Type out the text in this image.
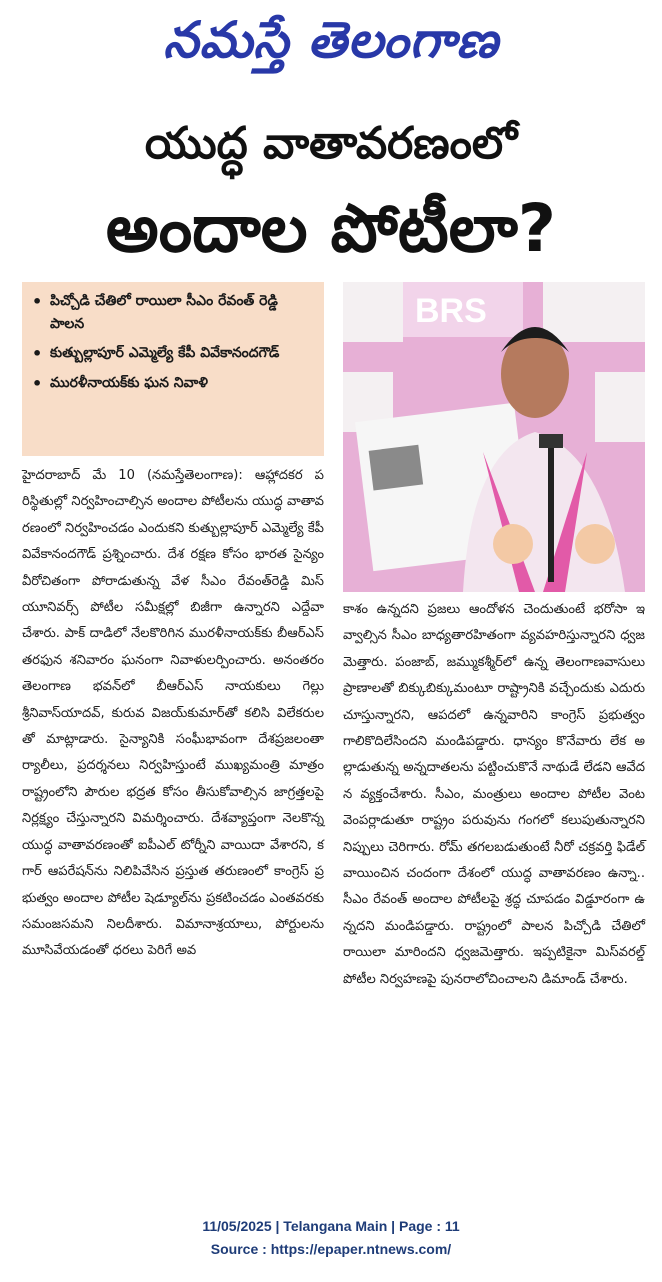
నమస్తే తెలంగాణ
యుద్ధ వాతావరణంలో
అందాల పోటీలా?
• పిచ్చోడి చేతిలో రాయిలా సీఎం రేవంత్ రెడ్డి పాలన
• కుత్బుల్లాపూర్ ఎమ్మెల్యే కేపీ వివేకానందగౌడ్
• మురళీనాయక్‌కు ఘన నివాళి
BRS

హైదరాబాద్ మే 10 (నమస్తేతెలంగాణ): ఆహ్లాదకర పరిస్థితుల్లో నిర్వహించాల్సిన అందాల పోటీలను యుద్ధ వాతావరణంలో నిర్వహించడం ఎందుకని కుత్బుల్లాపూర్ ఎమ్మెల్యే కేపీ వివేకానందగౌడ్ ప్రశ్నించారు. దేశ రక్షణ కోసం భారత సైన్యం వీరోచితంగా పోరాడుతున్న వేళ సీఎం రేవంత్‌రెడ్డి మిస్ యూనివర్స్ పోటీల సమీక్షల్లో బిజీగా ఉన్నారని ఎద్దేవా చేశారు. పాక్ దాడిలో నేలకొరిగిన మురళీనాయక్‌కు బీఆర్‌ఎస్ తరఫున శనివారం ఘనంగా నివాళులర్పించారు. అనంతరం తెలంగాణ భవన్‌లో బీఆర్‌ఎస్ నాయకులు గెల్లు శ్రీనివాస్‌యాదవ్, కురువ విజయ్‌కుమార్‌తో కలిసి విలేకరులతో మాట్లాడారు. సైన్యానికి సంఘీభావంగా దేశప్రజలంతా ర్యాలీలు, ప్రదర్శనలు నిర్వహిస్తుంటే ముఖ్యమంత్రి మాత్రం రాష్ట్రంలోని పౌరుల భద్రత కోసం తీసుకోవాల్సిన జాగ్రత్తలపై నిర్లక్ష్యం చేస్తున్నారని విమర్శించారు. దేశవ్యాప్తంగా నెలకొన్న యుద్ధ వాతావరణంతో ఐపీఎల్ టోర్నీని వాయిదా వేశారని, కగార్ ఆపరేషన్‌ను నిలిపివేసిన ప్రస్తుత తరుణంలో కాంగ్రెస్ ప్రభుత్వం అందాల పోటీల షెడ్యూల్‌ను ప్రకటించడం ఎంతవరకు సమంజసమని నిలదీశారు. విమానాశ్రయాలు, పోర్టులను మూసివేయడంతో ధరలు పెరిగే అవ

కాశం ఉన్నదని ప్రజలు ఆందోళన చెందుతుంటే భరోసా ఇవ్వాల్సిన సీఎం బాధ్యతారహితంగా వ్యవహరిస్తున్నారని ధ్వజమెత్తారు. పంజాబ్, జమ్ముకశ్మీర్‌లో ఉన్న తెలంగాణవాసులు ప్రాణాలతో బిక్కుబిక్కుమంటూ రాష్ట్రానికి వచ్చేందుకు ఎదురు చూస్తున్నారని, ఆపదలో ఉన్నవారిని కాంగ్రెస్ ప్రభుత్వం గాలికొదిలేసిందని మండిపడ్డారు. ధాన్యం కొనేవారు లేక అల్లాడుతున్న అన్నదాతలను పట్టించుకొనే నాథుడే లేడని ఆవేదన వ్యక్తంచేశారు. సీఎం, మంత్రులు అందాల పోటీల వెంట వెంపర్లాడుతూ రాష్ట్రం పరువును గంగలో కలుపుతున్నారని నిప్పులు చెరిగారు. రోమ్ తగలబడుతుంటే నీరో చక్రవర్తి ఫిడేల్ వాయించిన చందంగా దేశంలో యుద్ధ వాతావరణం ఉన్నా.. సీఎం రేవంత్ అందాల పోటీలపై శ్రద్ధ చూపడం విడ్డూరంగా ఉన్నదని మండిపడ్డారు. రాష్ట్రంలో పాలన పిచ్చోడి చేతిలో రాయిలా మారిందని ధ్వజమెత్తారు. ఇప్పటికైనా మిస్‌వరల్డ్ పోటీల నిర్వహణపై పునరాలోచించాలని డిమాండ్ చేశారు.

11/05/2025 | Telangana Main | Page : 11
Source : https://epaper.ntnews.com/
